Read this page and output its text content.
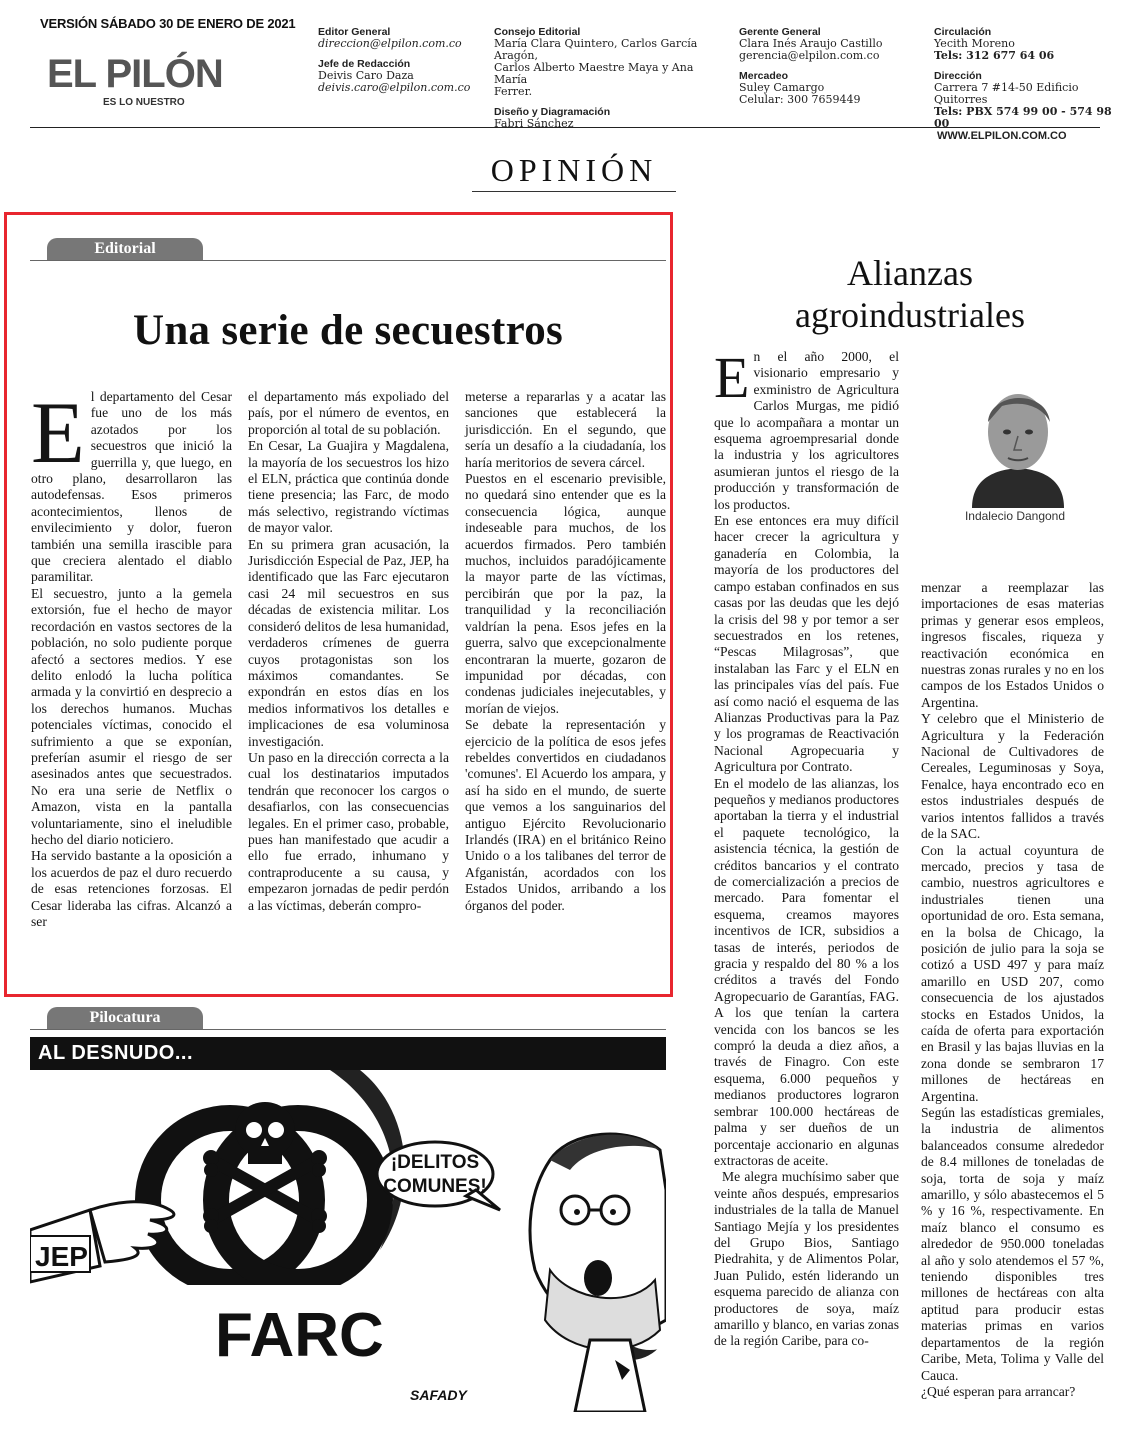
VERSIÓN SÁBADO 30 DE ENERO DE 2021
EL PILÓN
ES LO NUESTRO
Editor General
direccion@elpilon.com.co
Jefe de Redacción
Deivis Caro Daza
deivis.caro@elpilon.com.co
Consejo Editorial
María Clara Quintero, Carlos García Aragón,
Carlos Alberto Maestre Maya y Ana María
Ferrer.
Diseño y Diagramación
Fabri Sánchez
Gerente General
Clara Inés Araujo Castillo
gerencia@elpilon.com.co
Mercadeo
Suley Camargo
Celular: 300 7659449
Circulación
Yecith Moreno
Tels: 312 677 64 06
Dirección
Carrera 7 #14-50 Edificio Quitorres
Tels: PBX 574 99 00 - 574 98 00
WWW.ELPILON.COM.CO
OPINIÓN
Editorial
Una serie de secuestros
E l departamento del Cesar fue uno de los más azotados por los secuestros que inició la guerrilla y, que luego, en otro plano, desarrollaron las autodefensas. Esos primeros acontecimientos, llenos de envilecimiento y dolor, fueron también una semilla irascible para que creciera alentado el diablo paramilitar.

El secuestro, junto a la gemela extorsión, fue el hecho de mayor recordación en vastos sectores de la población, no solo pudiente porque afectó a sectores medios. Y ese delito enlodó la lucha política armada y la convirtió en desprecio a los derechos humanos. Muchas potenciales víctimas, conocido el sufrimiento a que se exponían, preferían asumir el riesgo de ser asesinados antes que secuestrados. No era una serie de Netflix o Amazon, vista en la pantalla voluntariamente, sino el ineludible hecho del diario noticiero.

Ha servido bastante a la oposición a los acuerdos de paz el duro recuerdo de esas retenciones forzosas. El Cesar lideraba las cifras. Alcanzó a ser

el departamento más expoliado del país, por el número de eventos, en proporción al total de su población.

En Cesar, La Guajira y Magdalena, la mayoría de los secuestros los hizo el ELN, práctica que continúa donde tiene presencia; las Farc, de modo más selectivo, registrando víctimas de mayor valor.

En su primera gran acusación, la Jurisdicción Especial de Paz, JEP, ha identificado que las Farc ejecutaron casi 24 mil secuestros en sus décadas de existencia militar. Los consideró delitos de lesa humanidad, verdaderos crímenes de guerra cuyos protagonistas son los máximos comandantes. Se expondrán en estos días en los medios informativos los detalles e implicaciones de esa voluminosa investigación.

Un paso en la dirección correcta a la cual los destinatarios imputados tendrán que reconocer los cargos o desafiarlos, con las consecuencias legales. En el primer caso, probable, pues han manifestado que acudir a ello fue errado, inhumano y contraproducente a su causa, y empezaron jornadas de pedir perdón a las víctimas, deberán compro-

meterse a repararlas y a acatar las sanciones que establecerá la jurisdicción. En el segundo, que sería un desafío a la ciudadanía, los haría meritorios de severa cárcel.

Puestos en el escenario previsible, no quedará sino entender que es la consecuencia lógica, aunque indeseable para muchos, de los acuerdos firmados. Pero también muchos, incluidos paradójicamente la mayor parte de las víctimas, percibirán que por la paz, la tranquilidad y la reconciliación valdrían la pena. Esos jefes en la guerra, salvo que excepcionalmente encontraran la muerte, gozaron de impunidad por décadas, con condenas judiciales inejecutables, y morían de viejos.

Se debate la representación y ejercicio de la política de esos jefes rebeldes convertidos en ciudadanos 'comunes'. El Acuerdo los ampara, y así ha sido en el mundo, de suerte que vemos a los sanguinarios del antiguo Ejército Revolucionario Irlandés (IRA) en el británico Reino Unido o a los talibanes del terror de Afganistán, acordados con los Estados Unidos, arribando a los órganos del poder.

Pilocatura
AL DESNUDO...
FARC
JEP
¡DELITOS
COMUNES!
SAFADY
Alianzas
agroindustriales
Indalecio Dangond
E n el año 2000, el visionario empresario y exministro de Agricultura Carlos Murgas, me pidió que lo acompañara a montar un esquema agroempresarial donde la industria y los agricultores asumieran juntos el riesgo de la producción y transformación de los productos.

En ese entonces era muy difícil hacer crecer la agricultura y ganadería en Colombia, la mayoría de los productores del campo estaban confinados en sus casas por las deudas que les dejó la crisis del 98 y por temor a ser secuestrados en los retenes, “Pescas Milagrosas”, que instalaban las Farc y el ELN en las principales vías del país. Fue así como nació el esquema de las Alianzas Productivas para la Paz y los programas de Reactivación Nacional Agropecuaria y Agricultura por Contrato.

En el modelo de las alianzas, los pequeños y medianos productores aportaban la tierra y el industrial el paquete tecnológico, la asistencia técnica, la gestión de créditos bancarios y el contrato de comercialización a precios de mercado. Para fomentar el esquema, creamos mayores incentivos de ICR, subsidios a tasas de interés, periodos de gracia y respaldo del 80 % a los créditos a través del Fondo Agropecuario de Garantías, FAG. A los que tenían la cartera vencida con los bancos se les compró la deuda a diez años, a través de Finagro. Con este esquema, 6.000 pequeños y medianos productores lograron sembrar 100.000 hectáreas de palma y ser dueños de un porcentaje accionario en algunas extractoras de aceite.

Me alegra muchísimo saber que veinte años después, empresarios industriales de la talla de Manuel Santiago Mejía y los presidentes del Grupo Bios, Santiago Piedrahita, y de Alimentos Polar, Juan Pulido, estén liderando un esquema parecido de alianza con productores de soya, maíz amarillo y blanco, en varias zonas de la región Caribe, para co-

menzar a reemplazar las importaciones de esas materias primas y generar esos empleos, ingresos fiscales, riqueza y reactivación económica en nuestras zonas rurales y no en los campos de los Estados Unidos o Argentina.

Y celebro que el Ministerio de Agricultura y la Federación Nacional de Cultivadores de Cereales, Leguminosas y Soya, Fenalce, haya encontrado eco en estos industriales después de varios intentos fallidos a través de la SAC.

Con la actual coyuntura de mercado, precios y tasa de cambio, nuestros agricultores e industriales tienen una oportunidad de oro. Esta semana, en la bolsa de Chicago, la posición de julio para la soja se cotizó a USD 497 y para maíz amarillo en USD 207, como consecuencia de los ajustados stocks en Estados Unidos, la caída de oferta para exportación en Brasil y las bajas lluvias en la zona donde se sembraron 17 millones de hectáreas en Argentina.

Según las estadísticas gremiales, la industria de alimentos balanceados consume alrededor de 8.4 millones de toneladas de soja, torta de soja y maíz amarillo, y sólo abastecemos el 5 % y 16 %, respectivamente. En maíz blanco el consumo es alrededor de 950.000 toneladas al año y solo atendemos el 57 %, teniendo disponibles tres millones de hectáreas con alta aptitud para producir estas materias primas en varios departamentos de la región Caribe, Meta, Tolima y Valle del Cauca.

¿Qué esperan para arrancar?
